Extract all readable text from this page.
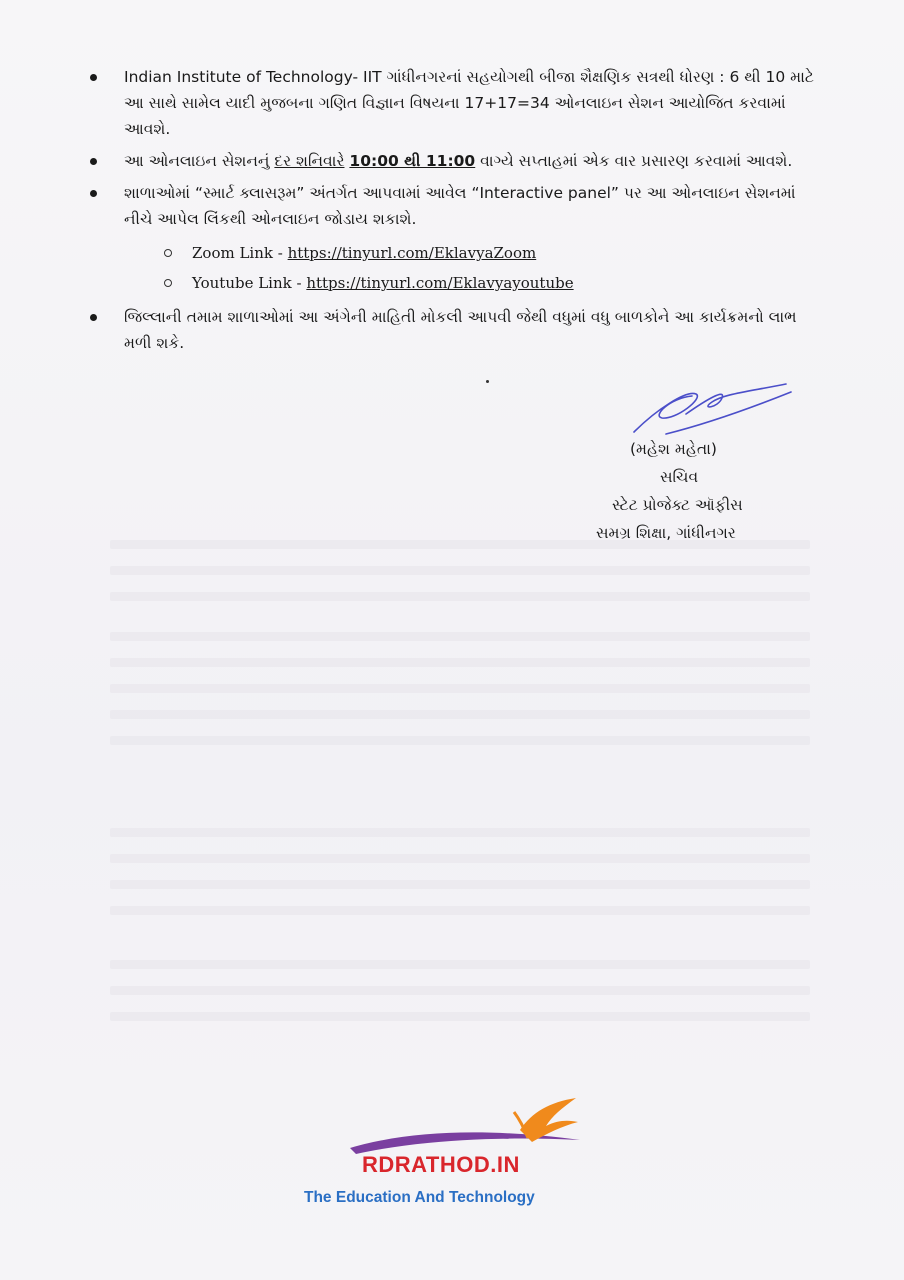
Indian Institute of Technology- IIT ગાંધીનગરનાં સહયોગથી બીજા શૈક્ષણિક સત્રથી ધોરણ : 6 થી 10 માટે આ સાથે સામેલ યાદી મુજબના ગણિત વિજ્ઞાન વિષયના 17+17=34 ઓનલાઇન સેશન આયોજિત કરવામાં આવશે.
આ ઓનલાઇન સેશનનું દર શનિવારે 10:00 થી 11:00 વાગ્યે સપ્તાહમાં એક વાર પ્રસારણ કરવામાં આવશે.
શાળાઓમાં “સ્માર્ટ ક્લાસરૂમ” અંતર્ગત આપવામાં આવેલ “Interactive panel” પર આ ઓનલાઇન સેશનમાં નીચે આપેલ લિંકથી ઓનલાઇન જોડાય શકાશે.
Zoom Link - https://tinyurl.com/EklavyaZoom
Youtube Link - https://tinyurl.com/Eklavyayoutube
જિલ્લાની તમામ શાળાઓમાં આ અંગેની માહિતી મોકલી આપવી જેથી વધુમાં વધુ બાળકોને આ કાર્યક્રમનો લાભ મળી શકે.
(મહેશ મહેતા)
સચિવ
સ્ટેટ પ્રોજેક્ટ ઑફીસ
સમગ્ર શિક્ષા, ગાંધીનગર
RDRATHOD.IN
The Education And Technology
